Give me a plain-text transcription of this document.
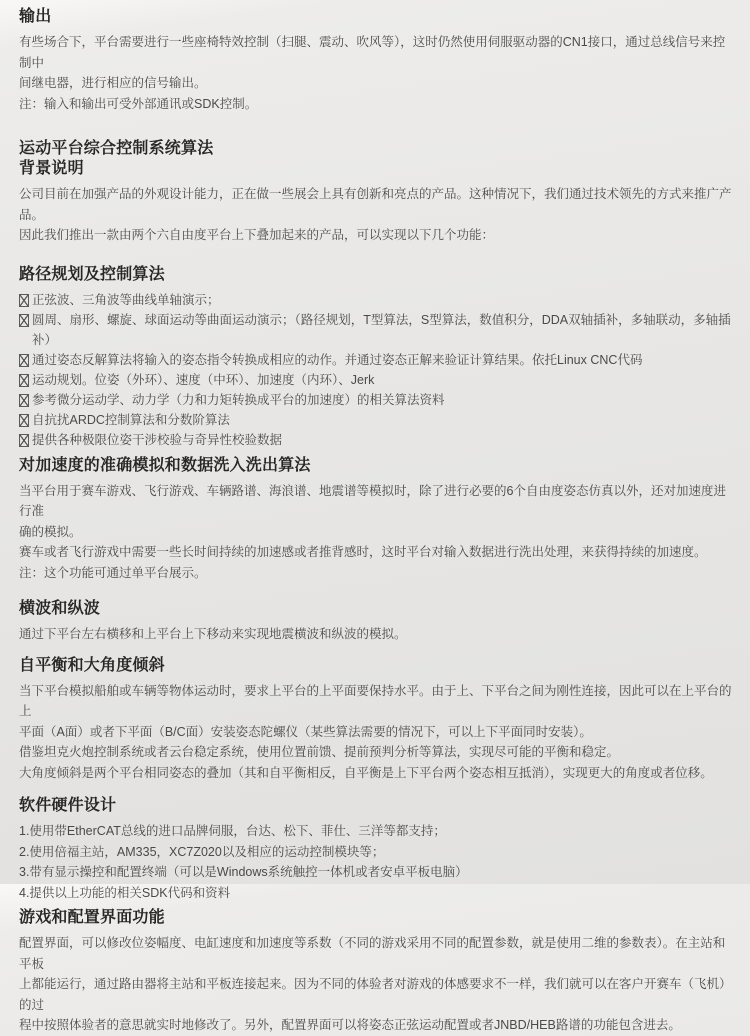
输出
有些场合下，平台需要进行一些座椅特效控制（扫腿、震动、吹风等），这时仍然使用伺服驱动器的CN1接口，通过总线信号来控制中
间继电器，进行相应的信号输出。
注：输入和输出可受外部通讯或SDK控制。
运动平台综合控制系统算法
背景说明
公司目前在加强产品的外观设计能力，正在做一些展会上具有创新和亮点的产品。这种情况下，我们通过技术领先的方式来推广产品。
因此我们推出一款由两个六自由度平台上下叠加起来的产品，可以实现以下几个功能：
路径规划及控制算法
正弦波、三角波等曲线单轴演示；
圆周、扇形、螺旋、球面运动等曲面运动演示；（路径规划，T型算法，S型算法，数值积分，DDA双轴插补，多轴联动，多轴插补）
通过姿态反解算法将输入的姿态指令转换成相应的动作。并通过姿态正解来验证计算结果。依托Linux CNC代码
运动规划。位姿（外环）、速度（中环）、加速度（内环）、Jerk
参考微分运动学、动力学（力和力矩转换成平台的加速度）的相关算法资料
自抗扰ARDC控制算法和分数阶算法
提供各种极限位姿干涉校验与奇异性校验数据
对加速度的准确模拟和数据洗入洗出算法
当平台用于赛车游戏、飞行游戏、车辆路谱、海浪谱、地震谱等模拟时，除了进行必要的6个自由度姿态仿真以外，还对加速度进行准
确的模拟。
赛车或者飞行游戏中需要一些长时间持续的加速感或者推背感时，这时平台对输入数据进行洗出处理，来获得持续的加速度。
注：这个功能可通过单平台展示。
横波和纵波
通过下平台左右横移和上平台上下移动来实现地震横波和纵波的模拟。
自平衡和大角度倾斜
当下平台模拟船舶或车辆等物体运动时，要求上平台的上平面要保持水平。由于上、下平台之间为刚性连接，因此可以在上平台的上
平面（A面）或者下平面（B/C面）安装姿态陀螺仪（某些算法需要的情况下，可以上下平面同时安装）。
借鉴坦克火炮控制系统或者云台稳定系统，使用位置前馈、提前预判分析等算法，实现尽可能的平衡和稳定。
大角度倾斜是两个平台相同姿态的叠加（其和自平衡相反，自平衡是上下平台两个姿态相互抵消），实现更大的角度或者位移。
软件硬件设计
1.使用带EtherCAT总线的进口品牌伺服，台达、松下、菲仕、三洋等都支持；
2.使用倍福主站，AM335，XC7Z020以及相应的运动控制模块等；
3.带有显示操控和配置终端（可以是Windows系统触控一体机或者安卓平板电脑）
4.提供以上功能的相关SDK代码和资料
游戏和配置界面功能
配置界面，可以修改位姿幅度、电缸速度和加速度等系数（不同的游戏采用不同的配置参数，就是使用二维的参数表）。在主站和平板
上都能运行，通过路由器将主站和平板连接起来。因为不同的体验者对游戏的体感要求不一样，我们就可以在客户开赛车（飞机）的过
程中按照体验者的意思就实时地修改了。另外，配置界面可以将姿态正弦运动配置或者JNBD/HEB路谱的功能包含进去。
